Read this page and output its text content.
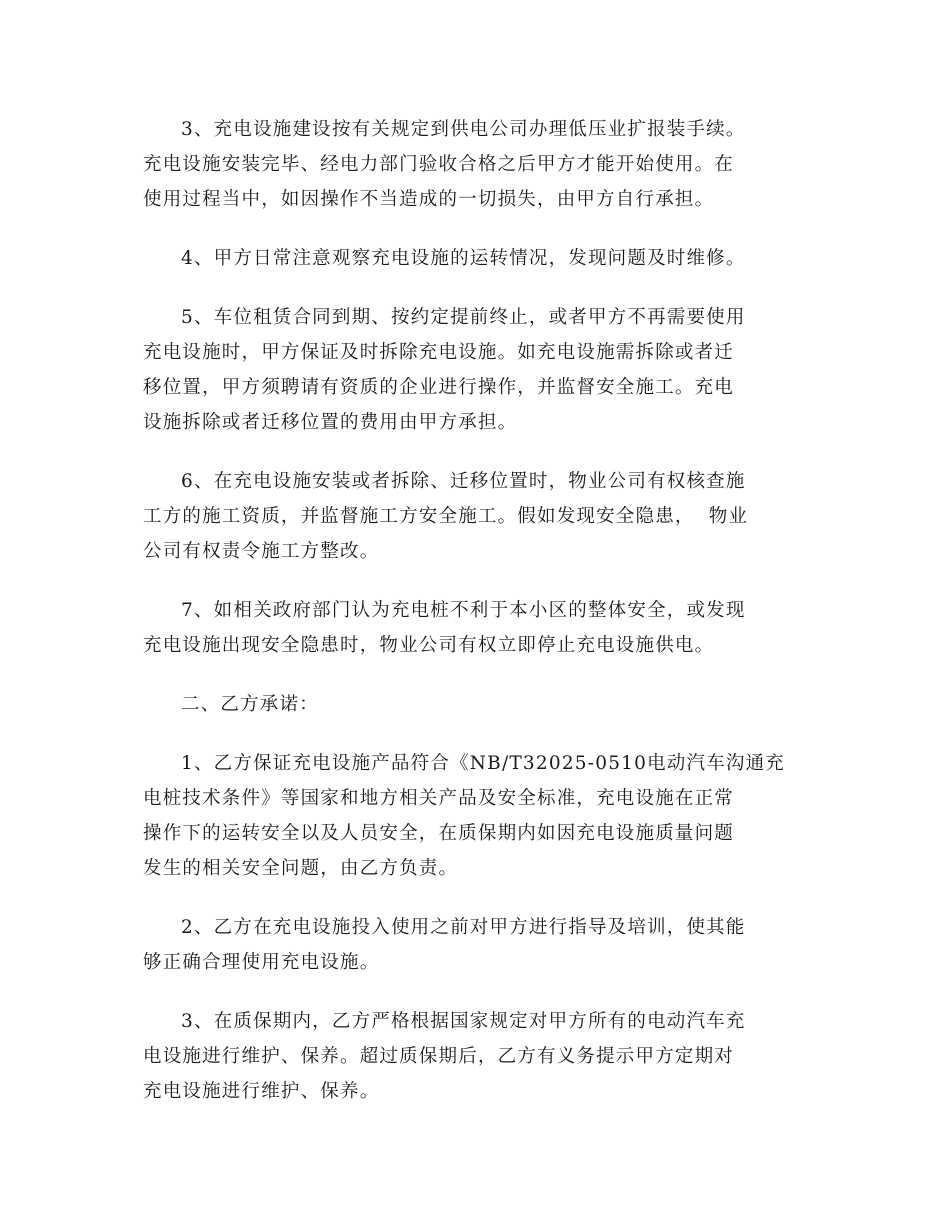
3、充电设施建设按有关规定到供电公司办理低压业扩报装手续。
充电设施安装完毕、经电力部门验收合格之后甲方才能开始使用。在
使用过程当中，如因操作不当造成的一切损失，由甲方自行承担。

4、甲方日常注意观察充电设施的运转情况，发现问题及时维修。

5、车位租赁合同到期、按约定提前终止，或者甲方不再需要使用
充电设施时，甲方保证及时拆除充电设施。如充电设施需拆除或者迁
移位置，甲方须聘请有资质的企业进行操作，并监督安全施工。充电
设施拆除或者迁移位置的费用由甲方承担。

6、在充电设施安装或者拆除、迁移位置时，物业公司有权核查施
工方的施工资质，并监督施工方安全施工。假如发现安全隐患，  物业
公司有权责令施工方整改。

7、如相关政府部门认为充电桩不利于本小区的整体安全，或发现
充电设施出现安全隐患时，物业公司有权立即停止充电设施供电。

二、乙方承诺：

1、乙方保证充电设施产品符合《NB/T32025-0510电动汽车沟通充
电桩技术条件》等国家和地方相关产品及安全标准，充电设施在正常
操作下的运转安全以及人员安全，在质保期内如因充电设施质量问题
发生的相关安全问题，由乙方负责。

2、乙方在充电设施投入使用之前对甲方进行指导及培训，使其能
够正确合理使用充电设施。

3、在质保期内，乙方严格根据国家规定对甲方所有的电动汽车充
电设施进行维护、保养。超过质保期后，乙方有义务提示甲方定期对
充电设施进行维护、保养。
